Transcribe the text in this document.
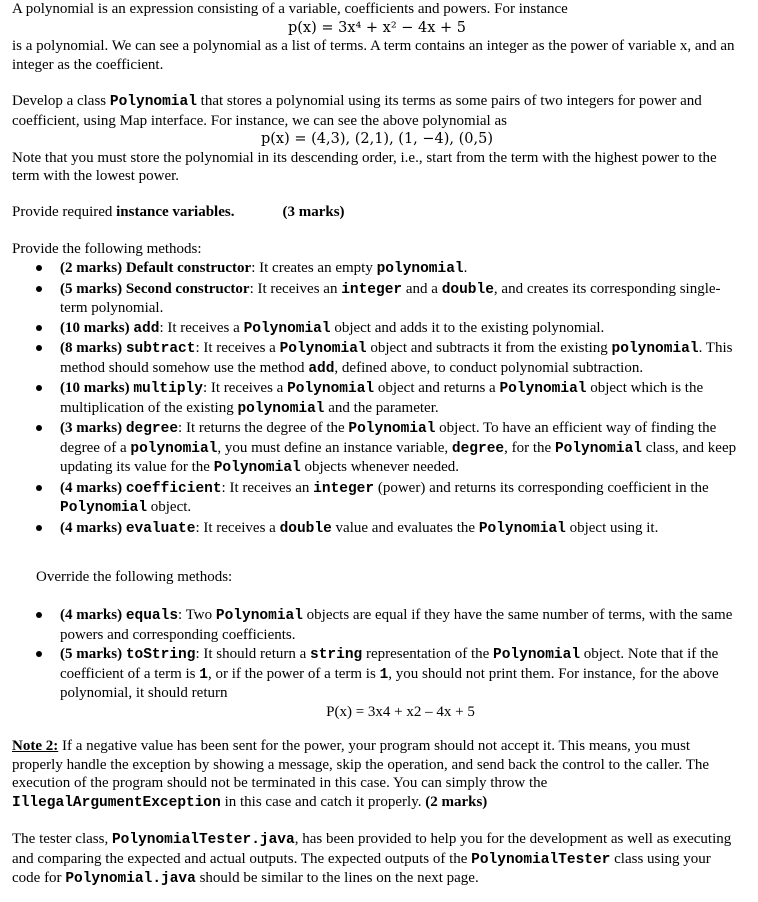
A polynomial is an expression consisting of a variable, coefficients and powers. For instance

p(x) = 3x⁴ + x² − 4x + 5

is a polynomial. We can see a polynomial as a list of terms. A term contains an integer as the power of variable x, and an integer as the coefficient.

Develop a class Polynomial that stores a polynomial using its terms as some pairs of two integers for power and coefficient, using Map interface. For instance, we can see the above polynomial as

p(x) = (4,3), (2,1), (1, −4), (0,5)

Note that you must store the polynomial in its descending order, i.e., start from the term with the highest power to the term with the lowest power.

Provide required instance variables.	(3 marks)

Provide the following methods:
(2 marks) Default constructor: It creates an empty polynomial.
(5 marks) Second constructor: It receives an integer and a double, and creates its corresponding single-term polynomial.
(10 marks) add: It receives a Polynomial object and adds it to the existing polynomial.
(8 marks) subtract: It receives a Polynomial object and subtracts it from the existing polynomial. This method should somehow use the method add, defined above, to conduct polynomial subtraction.
(10 marks) multiply: It receives a Polynomial object and returns a Polynomial object which is the multiplication of the existing polynomial and the parameter.
(3 marks) degree: It returns the degree of the Polynomial object. To have an efficient way of finding the degree of a polynomial, you must define an instance variable, degree, for the Polynomial class, and keep updating its value for the Polynomial objects whenever needed.
(4 marks) coefficient: It receives an integer (power) and returns its corresponding coefficient in the Polynomial object.
(4 marks) evaluate: It receives a double value and evaluates the Polynomial object using it.
Override the following methods:
(4 marks) equals: Two Polynomial objects are equal if they have the same number of terms, with the same powers and corresponding coefficients.
(5 marks) toString: It should return a string representation of the Polynomial object. Note that if the coefficient of a term is 1, or if the power of a term is 1, you should not print them. For instance, for the above polynomial, it should return

P(x) = 3x4 + x2 – 4x + 5

Note 2: If a negative value has been sent for the power, your program should not accept it. This means, you must properly handle the exception by showing a message, skip the operation, and send back the control to the caller. The execution of the program should not be terminated in this case. You can simply throw the IllegalArgumentException in this case and catch it properly. (2 marks)

The tester class, PolynomialTester.java, has been provided to help you for the development as well as executing and comparing the expected and actual outputs. The expected outputs of the PolynomialTester class using your code for Polynomial.java should be similar to the lines on the next page.
